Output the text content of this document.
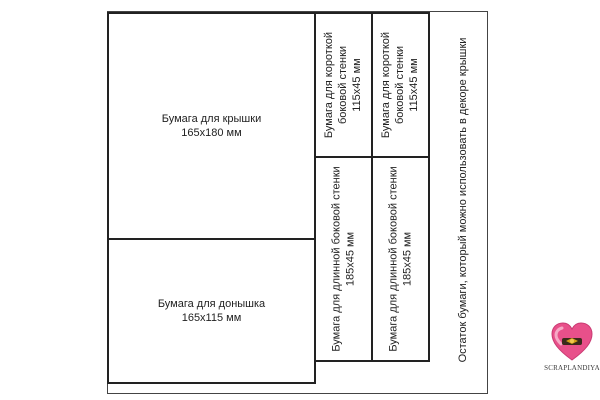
Бумага для крышки
165х180 мм
Бумага для донышка
165х115 мм
Бумага для короткой боковой стенки 115х45 мм Бумага для короткой боковой стенки 115х45 мм
Бумага для длинной боковой стенки 185х45 мм	Бумага для длинной боковой стенки 185х45 мм	Остаток бумаги, который можно использовать в декоре крышки
SCRAPLANDIYA
